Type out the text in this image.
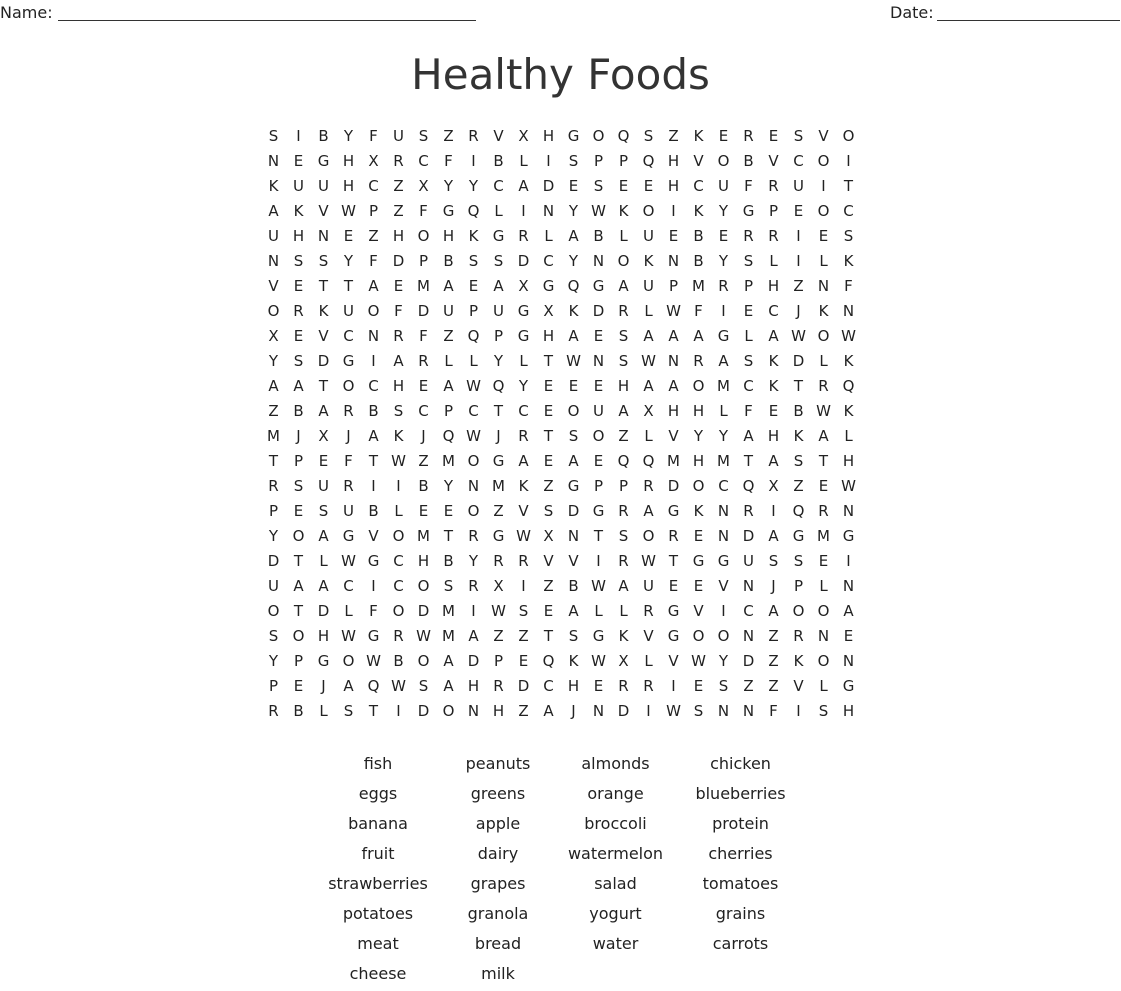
Name:	Date:
Healthy Foods
S	I	B	Y	F	U S	Z R V X H G O Q S	Z K	E	R	E	S	V O
N E G H X R C	F	I	B	L	I	S	P	P Q H V O B V C O	I
K U U H C Z X	Y	Y	C A D E	S	E	E H C U	F	R U	I	T
A K V W P	Z	F G Q L	I	N Y W K O	I	K	Y G P	E O C
U H N E	Z H O H K G R	L	A B	L	U E	B	E	R R	I	E	S
N S	S	Y	F D P	B	S	S D C	Y N O K N B	Y	S	L	I	L	K
V	E	T	T	A	E M A	E	A X G Q G A U P M R	P H Z N	F
O R K U O F D U P U G X K D R	L W F	I	E	C	J	K N
X	E	V C N R	F	Z Q P G H A	E	S	A A A G	L	A W O W
Y	S D G	I	A R	L	L	Y	L	T W N S W N R A	S	K D	L	K
A A	T O C H E	A W Q Y	E	E	E H A A O M C K	T	R Q
Z B A R B	S C	P	C	T	C	E O U A X H H	L	F	E	B W K
M	J	X	J	A K	J	Q W	J	R	T	S O Z	L	V	Y	Y	A H K A	L
T	P	E	F	T W Z M O G A	E	A	E Q Q M H M T	A	S	T H
R	S U R	I	I	B	Y N M K Z G P	P	R D O C Q X Z	E W
P	E	S U B	L	E	E O Z V	S D G R A G K N R	I	Q R N
Y O A G V O M T	R G W X N T	S O R	E N D A G M G
D T	L W G C H B	Y	R R V V	I	R W T G G U S	S	E	I
U A A C	I	C O S	R X	I	Z B W A U E	E	V N	J	P	L	N
O T D	L	F O D M	I	W S	E	A	L	L	R G V	I	C A O O A
S O H W G R W M A Z Z	T	S G K V G O O N Z R N E
Y	P G O W B O A D P	E Q K W X	L	V W Y D Z K O N
P	E	J	A Q W S	A H R D C H E	R R	I	E	S	Z Z V	L	G
R B	L	S	T	I	D O N H Z A	J	N D	I	W S N N	F	I	S H
fish	peanuts	almonds	chicken
eggs	greens	orange	blueberries
banana	apple	broccoli	protein
fruit	dairy	watermelon	cherries
strawberries	grapes	salad	tomatoes
potatoes	granola	yogurt	grains
meat	bread	water	carrots
cheese	milk
